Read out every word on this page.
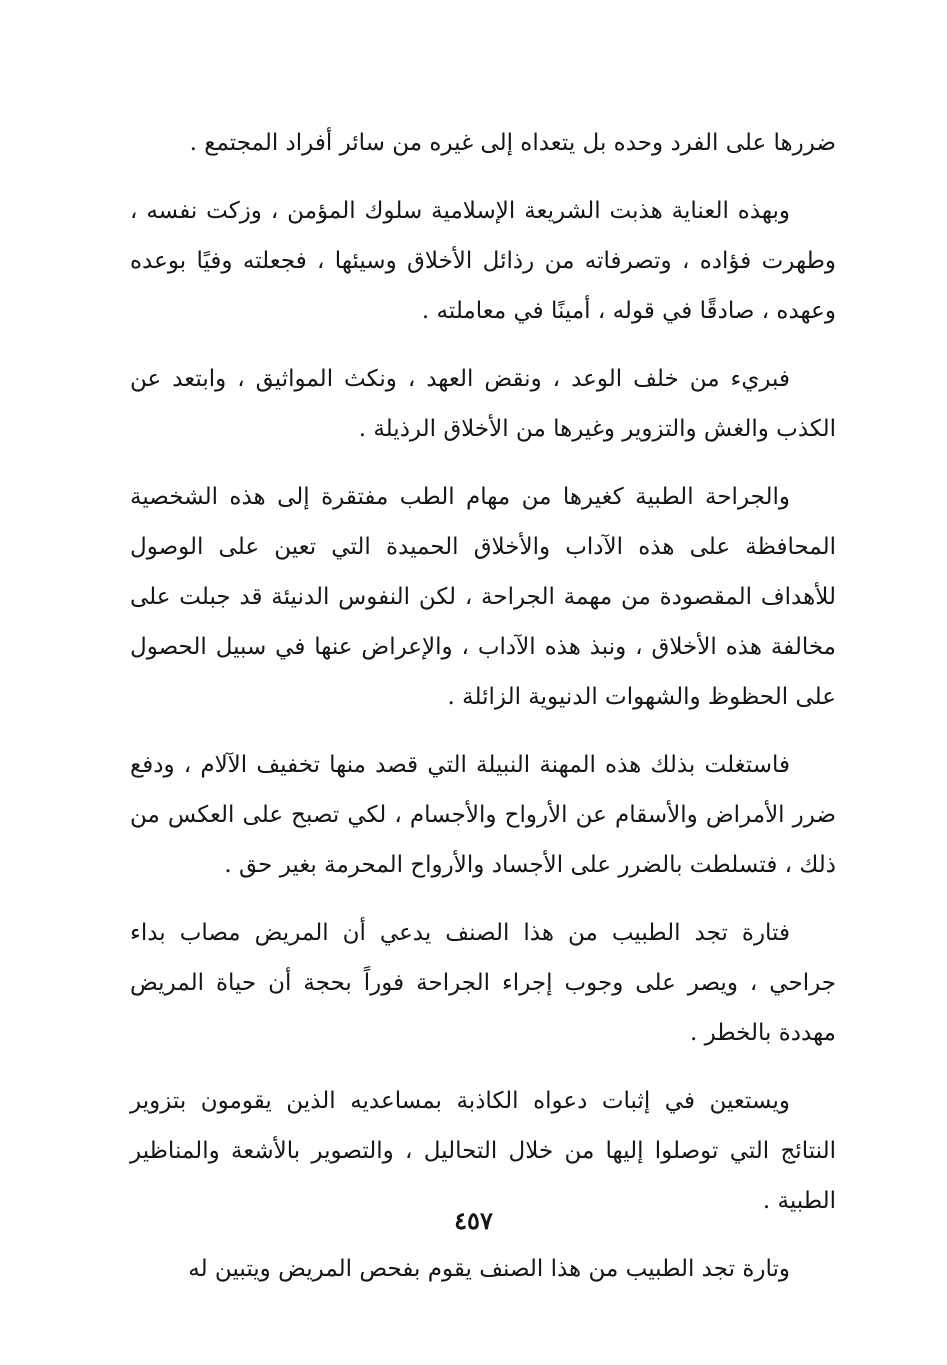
ضررها على الفرد وحده بل يتعداه إلى غيره من سائر أفراد المجتمع .

وبهذه العناية هذبت الشريعة الإسلامية سلوك المؤمن ، وزكت نفسه ، وطهرت فؤاده ، وتصرفاته من رذائل الأخلاق وسيئها ، فجعلته وفيًا بوعده وعهده ، صادقًا في قوله ، أمينًا في معاملته .

فبريء من خلف الوعد ، ونقض العهد ، ونكث المواثيق ، وابتعد عن الكذب والغش والتزوير وغيرها من الأخلاق الرذيلة .

والجراحة الطبية كغيرها من مهام الطب مفتقرة إلى هذه الشخصية المحافظة على هذه الآداب والأخلاق الحميدة التي تعين على الوصول للأهداف المقصودة من مهمة الجراحة ، لكن النفوس الدنيئة قد جبلت على مخالفة هذه الأخلاق ، ونبذ هذه الآداب ، والإعراض عنها في سبيل الحصول على الحظوظ والشهوات الدنيوية الزائلة .

فاستغلت بذلك هذه المهنة النبيلة التي قصد منها تخفيف الآلام ، ودفع ضرر الأمراض والأسقام عن الأرواح والأجسام ، لكي تصبح على العكس من ذلك ، فتسلطت بالضرر على الأجساد والأرواح المحرمة بغير حق .

فتارة تجد الطبيب من هذا الصنف يدعي أن المريض مصاب بداء جراحي ، ويصر على وجوب إجراء الجراحة فوراً بحجة أن حياة المريض مهددة بالخطر .

ويستعين في إثبات دعواه الكاذبة بمساعديه الذين يقومون بتزوير النتائج التي توصلوا إليها من خلال التحاليل ، والتصوير بالأشعة والمناظير الطبية .

وتارة تجد الطبيب من هذا الصنف يقوم بفحص المريض ويتبين له

٤٥٧
